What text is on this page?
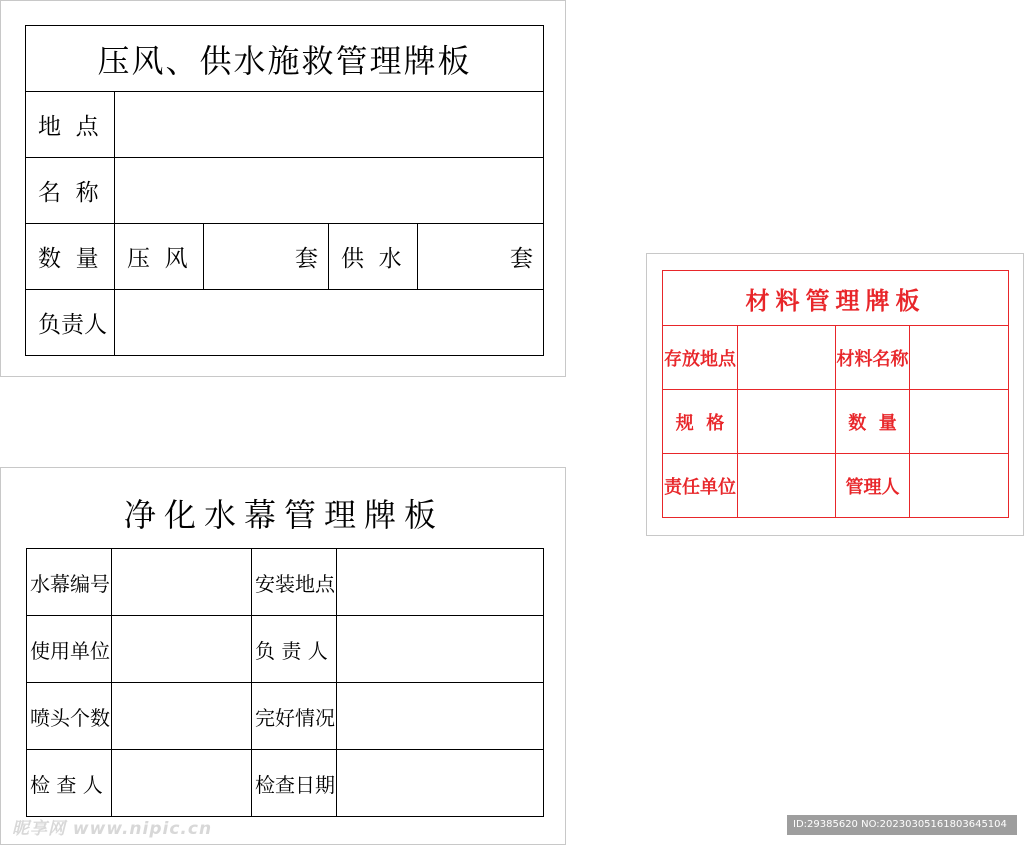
压风、供水施救管理牌板				
地  点				
名  称				
数  量	压  风	套	供  水	套
负责人				
净化水幕管理牌板
水幕编号		安装地点	
使用单位		负 责 人	
喷头个数		完好情况	
检 查 人		检查日期	
材料管理牌板			
存放地点		材料名称	
规  格		数  量	
责任单位		管理人	
昵享网 www.nipic.cn	ID:29385620 NO:20230305161803645104
